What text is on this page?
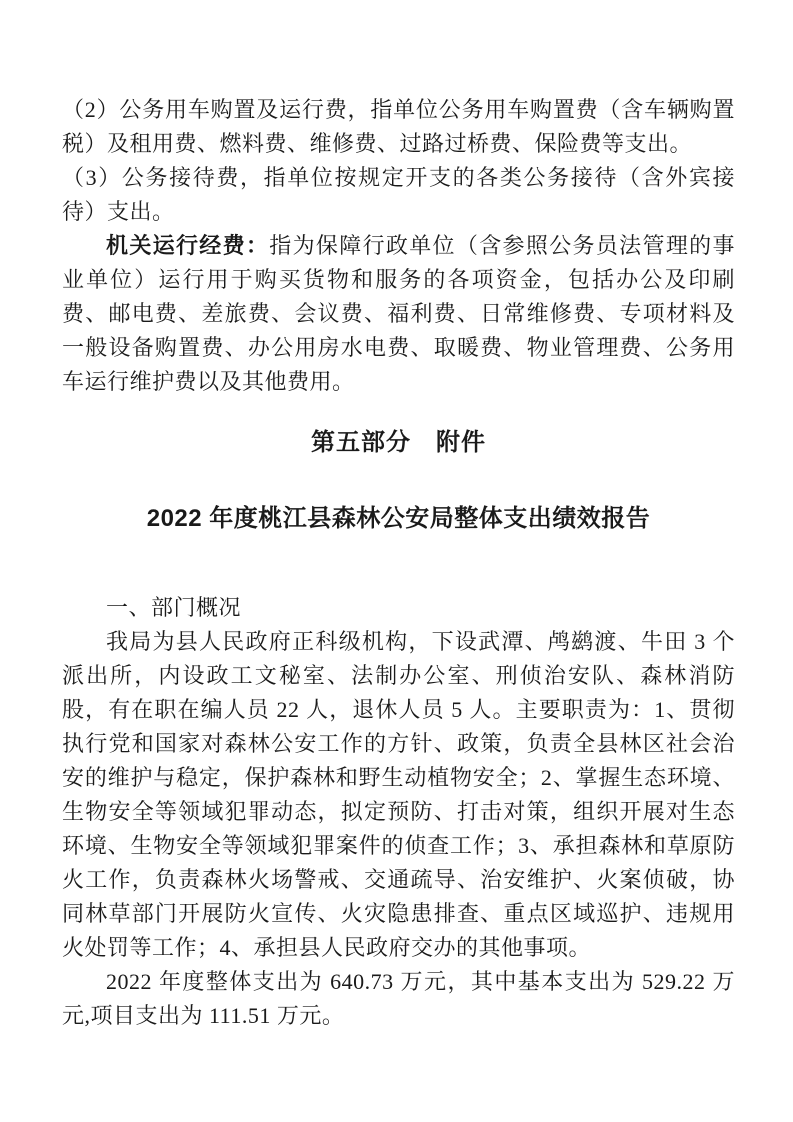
（2）公务用车购置及运行费，指单位公务用车购置费（含车辆购置税）及租用费、燃料费、维修费、过路过桥费、保险费等支出。

（3）公务接待费，指单位按规定开支的各类公务接待（含外宾接待）支出。

机关运行经费：指为保障行政单位（含参照公务员法管理的事业单位）运行用于购买货物和服务的各项资金，包括办公及印刷费、邮电费、差旅费、会议费、福利费、日常维修费、专项材料及一般设备购置费、办公用房水电费、取暖费、物业管理费、公务用车运行维护费以及其他费用。

第五部分　附件
2022 年度桃江县森林公安局整体支出绩效报告

一、部门概况

我局为县人民政府正科级机构，下设武潭、鸬鹚渡、牛田 3 个派出所，内设政工文秘室、法制办公室、刑侦治安队、森林消防股，有在职在编人员 22 人，退休人员 5 人。主要职责为：1、贯彻执行党和国家对森林公安工作的方针、政策，负责全县林区社会治安的维护与稳定，保护森林和野生动植物安全；2、掌握生态环境、生物安全等领域犯罪动态，拟定预防、打击对策，组织开展对生态环境、生物安全等领域犯罪案件的侦查工作；3、承担森林和草原防火工作，负责森林火场警戒、交通疏导、治安维护、火案侦破，协同林草部门开展防火宣传、火灾隐患排查、重点区域巡护、违规用火处罚等工作；4、承担县人民政府交办的其他事项。

2022 年度整体支出为 640.73 万元，其中基本支出为 529.22 万元,项目支出为 111.51 万元。
